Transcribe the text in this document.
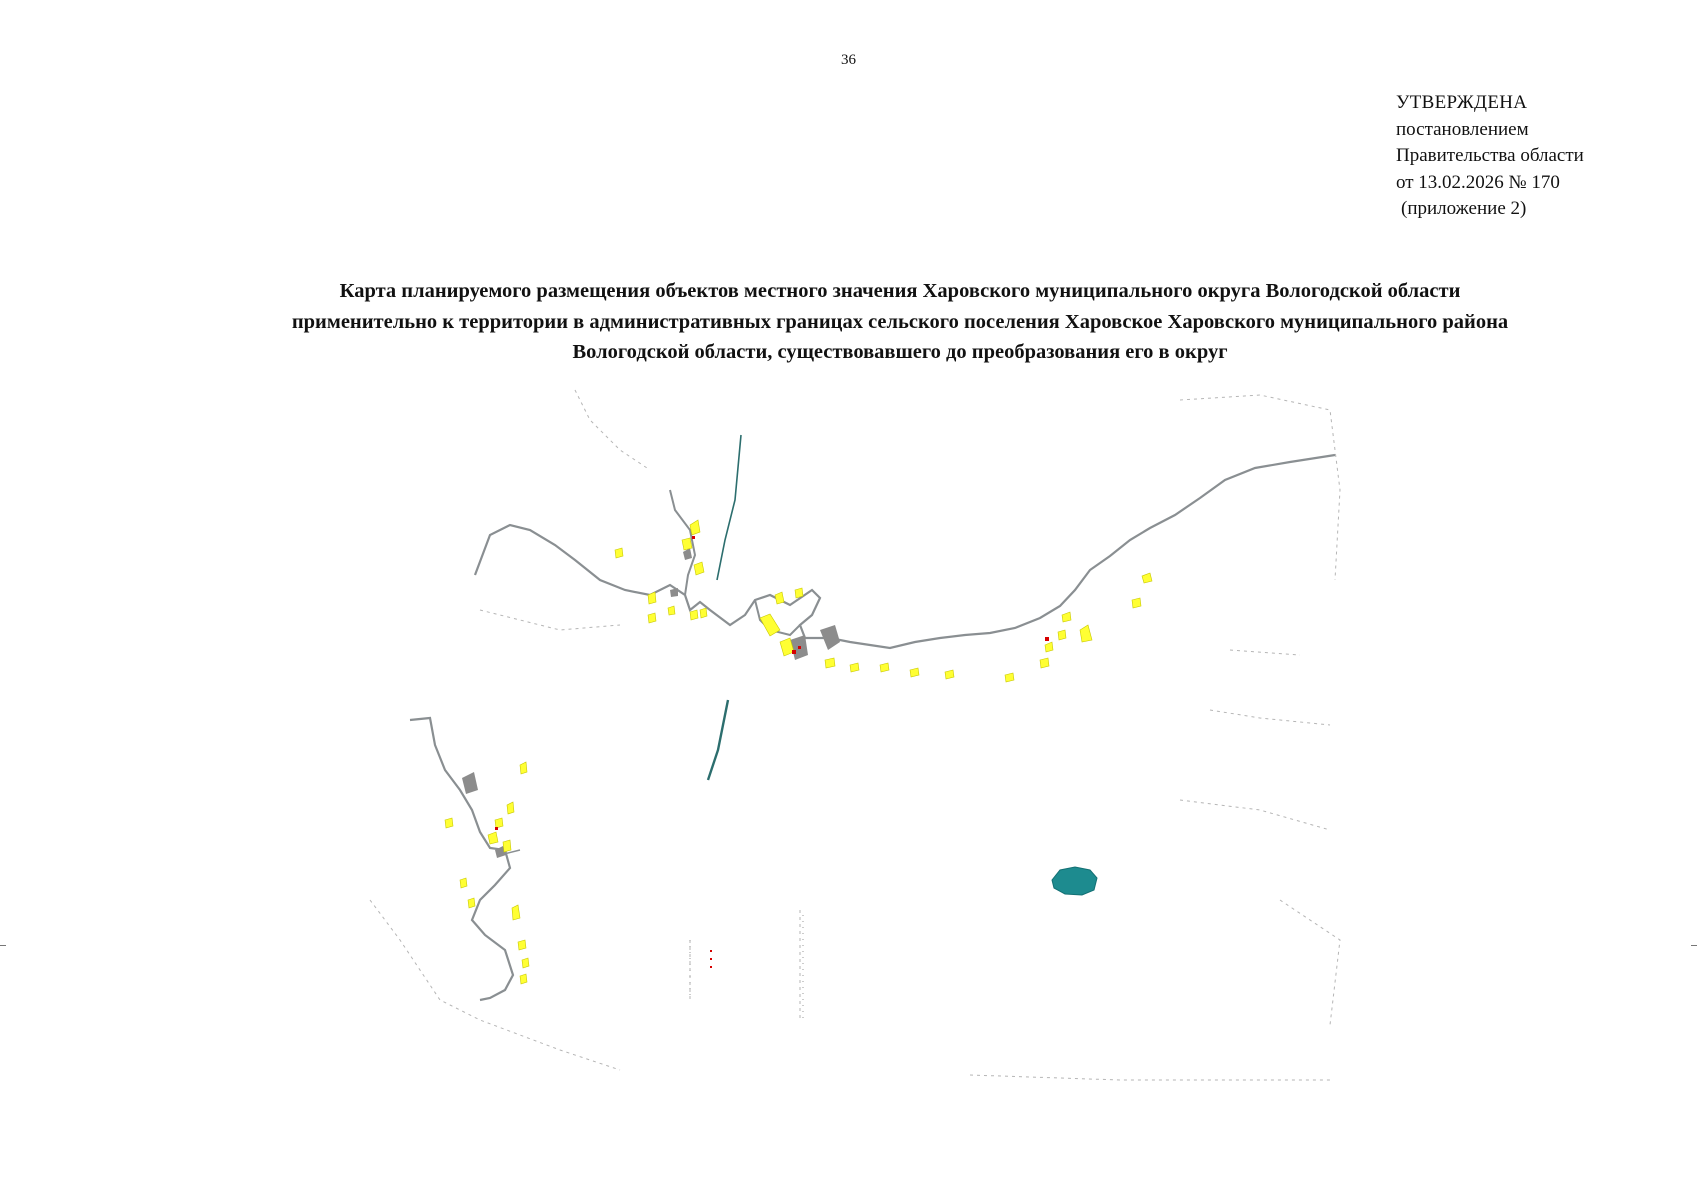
36
УТВЕРЖДЕНА
постановлением
Правительства области
от 13.02.2026 № 170
(приложение 2)
Карта планируемого размещения объектов местного значения Харовского муниципального округа Вологодской области
применительно к территории в административных границах сельского поселения Харовское Харовского муниципального района
Вологодской области, существовавшего до преобразования его в округ
